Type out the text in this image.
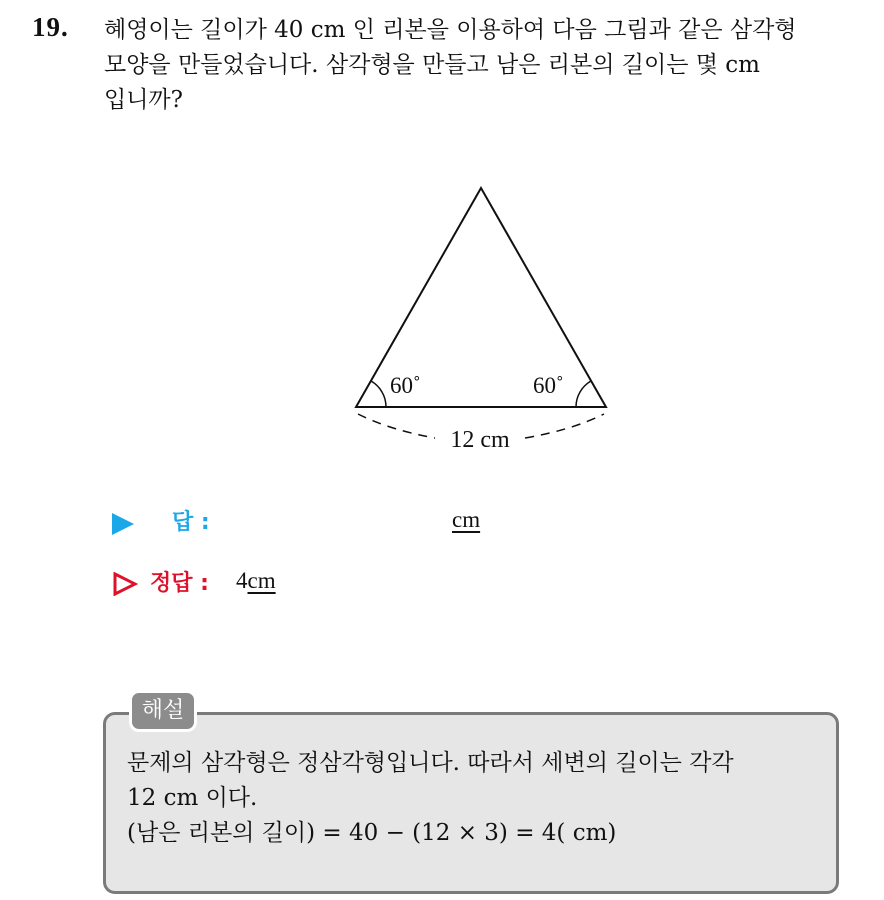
19. 혜영이는 길이가 40 cm 인 리본을 이용하여 다음 그림과 같은 삼각형
모양을 만들었습니다. 삼각형을 만들고 남은 리본의 길이는 몇 cm
입니까?
60˚	60˚
12 cm
답 :	cm
정답 : 4cm
해설
문제의 삼각형은 정삼각형입니다. 따라서 세변의 길이는 각각
12 cm 이다.
(남은 리본의 길이) = 40 − (12 × 3) = 4( cm)
